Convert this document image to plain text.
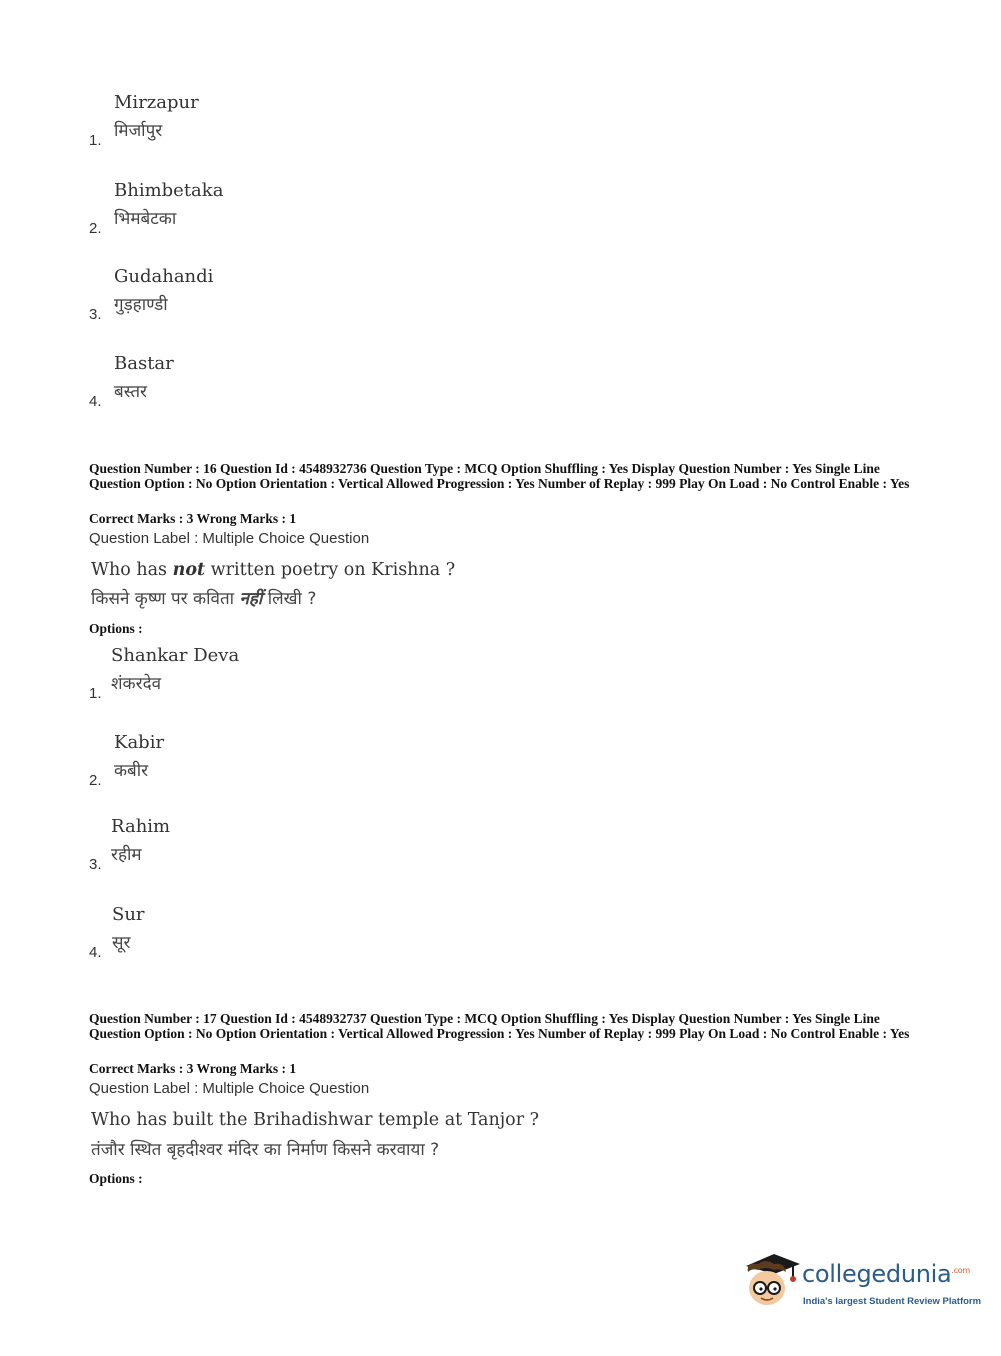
Mirzapur
मिर्जापुर
1.
Bhimbetaka
भिमबेटका
2.
Gudahandi
गुड़हाण्डी
3.
Bastar
बस्तर
4.
Question Number : 16 Question Id : 4548932736 Question Type : MCQ Option Shuffling : Yes Display Question Number : Yes Single Line Question Option : No Option Orientation : Vertical Allowed Progression : Yes Number of Replay : 999 Play On Load : No Control Enable : Yes
Correct Marks : 3 Wrong Marks : 1
Question Label : Multiple Choice Question
Who has not written poetry on Krishna ?
किसने कृष्ण पर कविता नहीं लिखी ?
Options :
Shankar Deva
शंकरदेव
1.
Kabir
कबीर
2.
Rahim
रहीम
3.
Sur
सूर
4.
Question Number : 17 Question Id : 4548932737 Question Type : MCQ Option Shuffling : Yes Display Question Number : Yes Single Line Question Option : No Option Orientation : Vertical Allowed Progression : Yes Number of Replay : 999 Play On Load : No Control Enable : Yes
Correct Marks : 3 Wrong Marks : 1
Question Label : Multiple Choice Question
Who has built the Brihadishwar temple at Tanjor ?
तंजौर स्थित बृहदीश्वर मंदिर का निर्माण किसने करवाया ?
Options :
collegedunia$^{.com}$
India's largest Student Review Platform
